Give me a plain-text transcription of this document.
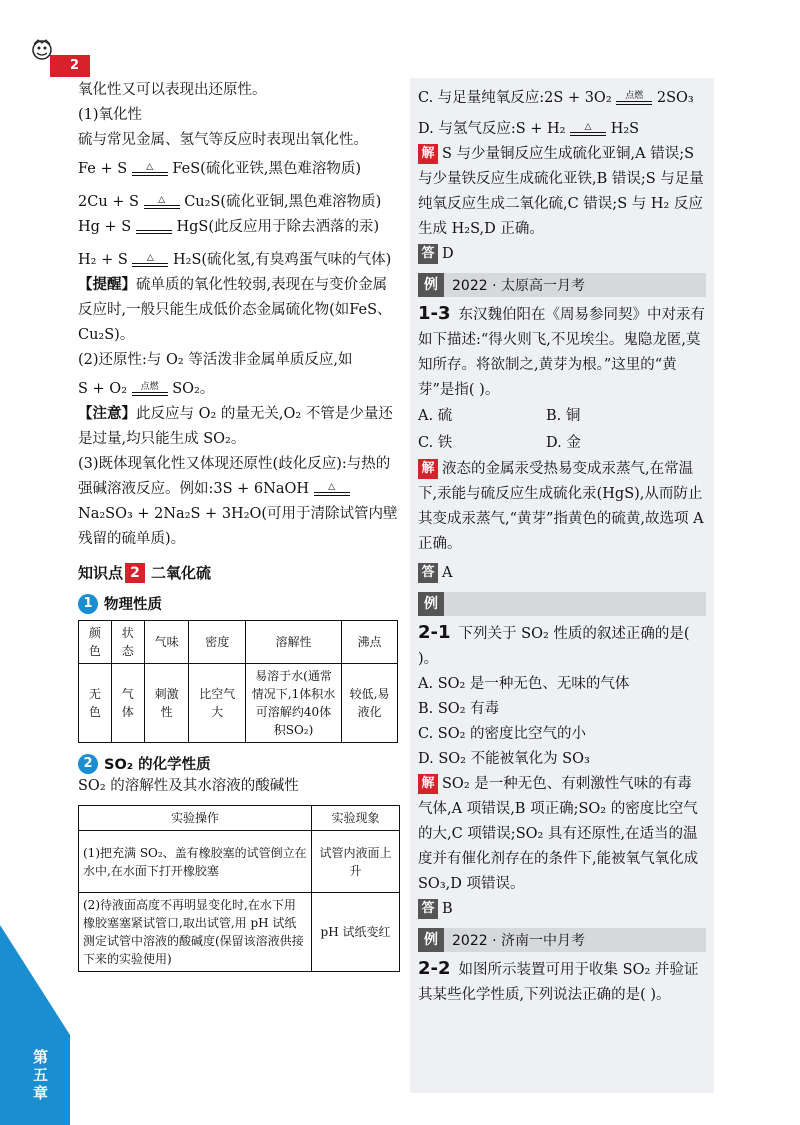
第五章
2
氧化性又可以表现出还原性。
(1)氧化性
硫与常见金属、氢气等反应时表现出氧化性。
Fe + S	△	FeS(硫化亚铁,黑色难溶物质)
2Cu + S	△	Cu₂S(硫化亚铜,黑色难溶物质)
Hg + S	HgS(此反应用于除去洒落的汞)
H₂ + S	△	H₂S(硫化氢,有臭鸡蛋气味的气体)
【提醒】硫单质的氧化性较弱,表现在与变价金属反应时,一般只能生成低价态金属硫化物(如FeS、Cu₂S)。
(2)还原性:与 O₂ 等活泼非金属单质反应,如
S + O₂	点燃 SO₂。
【注意】此反应与 O₂ 的量无关,O₂ 不管是少量还是过量,均只能生成 SO₂。
(3)既体现氧化性又体现还原性(歧化反应):与热的强碱溶液反应。例如:3S + 6NaOH	△
Na₂SO₃ + 2Na₂S + 3H₂O(可用于清除试管内壁残留的硫单质)。
知识点 2 二氧化硫
1 物理性质
颜色	状态	气味	密度	溶解性	沸点
无色	气体	刺激性	比空气大	易溶于水(通常情况下,1体积水可溶解约40体积SO₂)	较低,易液化
2 SO₂ 的化学性质
SO₂ 的溶解性及其水溶液的酸碱性
实验操作	实验现象
(1)把充满 SO₂、盖有橡胶塞的试管倒立在水中,在水面下打开橡胶塞	试管内液面上升
(2)待液面高度不再明显变化时,在水下用橡胶塞塞紧试管口,取出试管,用 pH 试纸测定试管中溶液的酸碱度(保留该溶液供接下来的实验使用)	pH 试纸变红
C. 与足量纯氧反应:2S + 3O₂	点燃 2SO₃
D. 与氢气反应:S + H₂	△	H₂S
解 S 与少量铜反应生成硫化亚铜,A 错误;S 与少量铁反应生成硫化亚铁,B 错误;S 与足量纯氧反应生成二氧化硫,C 错误;S 与 H₂ 反应生成 H₂S,D 正确。
答 D
例	2022 · 太原高一月考
1-3 东汉魏伯阳在《周易参同契》中对汞有如下描述:“得火则飞,不见埃尘。鬼隐龙匿,莫知所存。将欲制之,黄芽为根。”这里的“黄芽”是指( )。
A. 硫	B. 铜
C. 铁	D. 金
解 液态的金属汞受热易变成汞蒸气,在常温下,汞能与硫反应生成硫化汞(HgS),从而防止其变成汞蒸气,“黄芽”指黄色的硫黄,故选项 A 正确。
答 A
例
2-1 下列关于 SO₂ 性质的叙述正确的是( )。
A. SO₂ 是一种无色、无味的气体
B. SO₂ 有毒
C. SO₂ 的密度比空气的小
D. SO₂ 不能被氧化为 SO₃
解 SO₂ 是一种无色、有刺激性气味的有毒气体,A 项错误,B 项正确;SO₂ 的密度比空气的大,C 项错误;SO₂ 具有还原性,在适当的温度并有催化剂存在的条件下,能被氧气氧化成 SO₃,D 项错误。
答 B
例	2022 · 济南一中月考
2-2 如图所示装置可用于收集 SO₂ 并验证其某些化学性质,下列说法正确的是( )。
